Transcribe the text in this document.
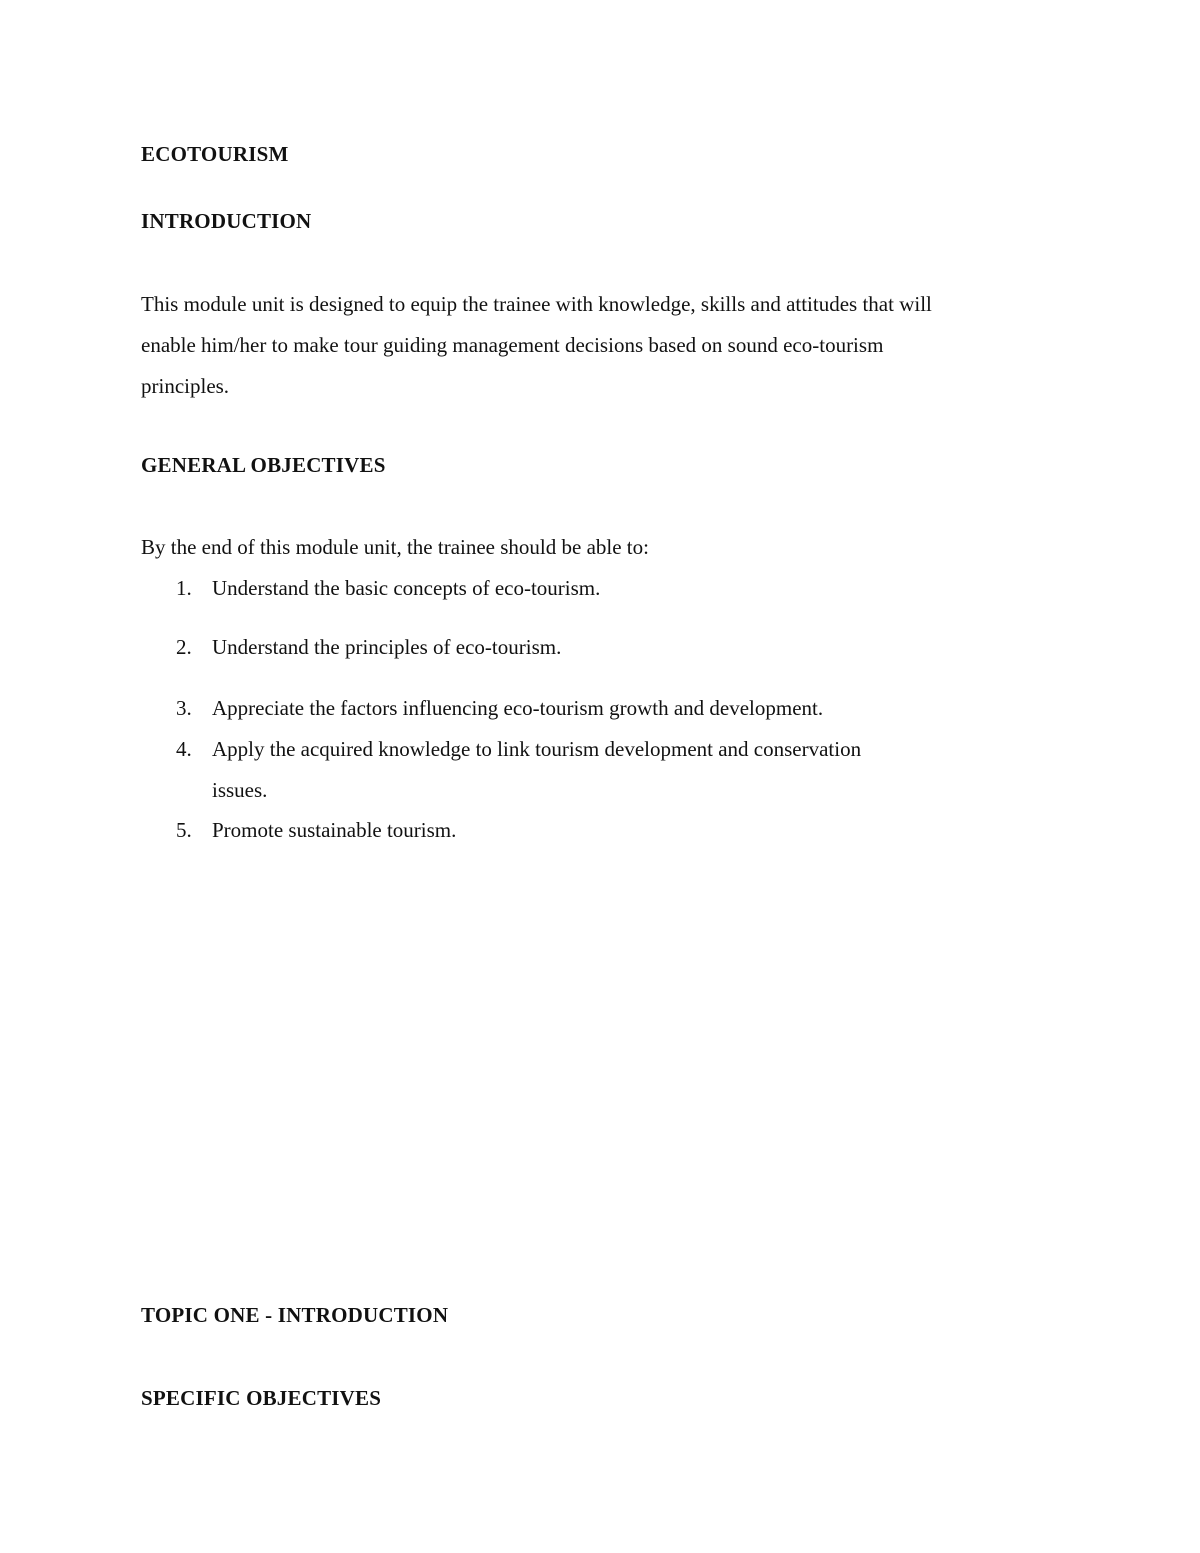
ECOTOURISM
INTRODUCTION

This module unit is designed to equip the trainee with knowledge, skills and attitudes that will
enable him/her to make tour guiding management decisions based on sound eco-tourism
principles.

GENERAL OBJECTIVES

By the end of this module unit, the trainee should be able to:

1. Understand the basic concepts of eco-tourism.
2. Understand the principles of eco-tourism.
3. Appreciate the factors influencing eco-tourism growth and development.
4. Apply the acquired knowledge to link tourism development and conservation
issues.
5. Promote sustainable tourism.
TOPIC ONE - INTRODUCTION
SPECIFIC OBJECTIVES
